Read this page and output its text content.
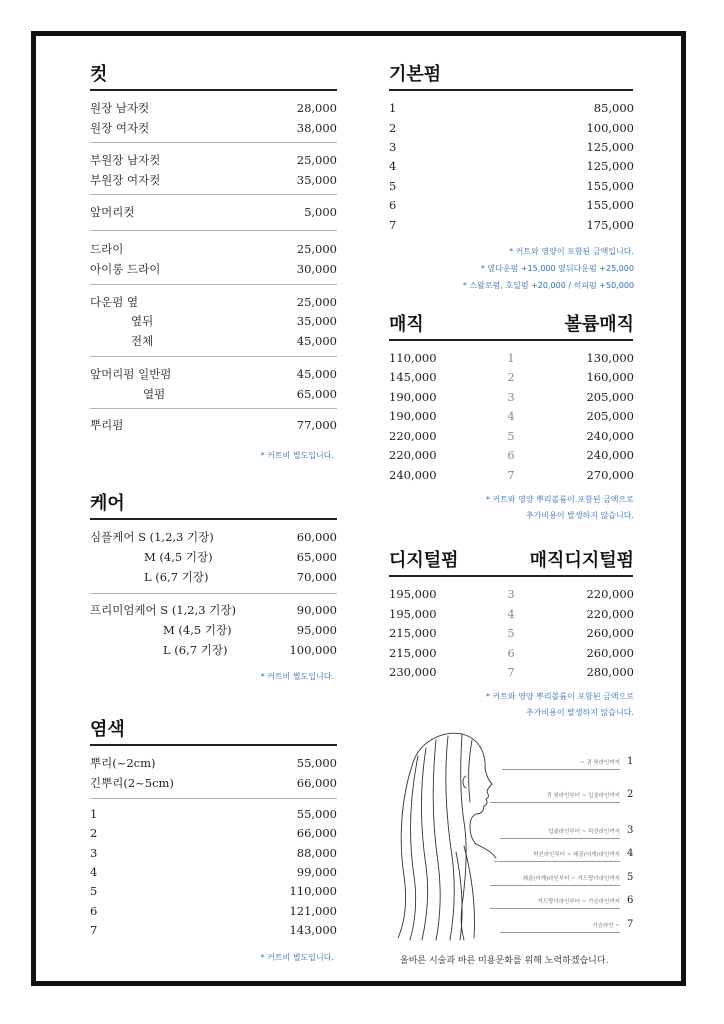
컷
원장 남자컷	28,000
원장 여자컷	38,000
부원장 남자컷	25,000
부원장 여자컷	35,000
앞머리컷	5,000
드라이	25,000
아이롱 드라이	30,000
다운펌 옆	25,000
옆뒤	35,000
전체	45,000
앞머리펌 일반펌	45,000
열펌	65,000
뿌리펌	77,000
* 커트비 별도입니다.
케어
심플케어 S (1,2,3 기장)	60,000
M (4,5 기장)	65,000
L (6,7 기장)	70,000
프리미엄케어 S (1,2,3 기장)	90,000
M (4,5 기장)	95,000
L (6,7 기장)	100,000
* 커트비 별도입니다.
염색
뿌리(~2cm)	55,000
긴뿌리(2~5cm)	66,000
1	55,000
2	66,000
3	88,000
4	99,000
5	110,000
6	121,000
7	143,000
* 커트비 별도입니다.
기본펌
1	85,000
2	100,000
3	125,000
4	125,000
5	155,000
6	155,000
7	175,000
* 커트와 영양이 포함된 금액입니다.
* 옆다운펌 +15,000 옆뒤다운펌 +25,000
* 스왈로펌, 호일펌 +20,000 / 히피펌 +50,000
매직	볼륨매직
110,000	1	130,000
145,000	2	160,000
190,000	3	205,000
190,000	4	205,000
220,000	5	240,000
220,000	6	240,000
240,000	7	270,000
* 커트와 영양 뿌리볼륨이 포함된 금액으로
추가비용이 발생하지 않습니다.
디지털펌	매직디지털펌
195,000	3	220,000
195,000	4	220,000
215,000	5	260,000
215,000	6	260,000
230,000	7	280,000
* 커트와 영양 뿌리볼륨이 포함된 금액으로
추가비용이 발생하지 않습니다.
~ 귀 윗라인까지 1
귀 윗라인부터 ~ 입술라인까지 2
입술라인부터 ~ 턱선라인까지 3
턱선라인부터 ~ 쇄골(어깨)라인까지 4
쇄골(어깨)라인부터 ~ 겨드랑이라인까지 5
겨드랑이라인부터 ~ 가슴라인까지 6
가슴라인 ~ 7
올바른 시술과 바른 미용문화를 위해 노력하겠습니다.
